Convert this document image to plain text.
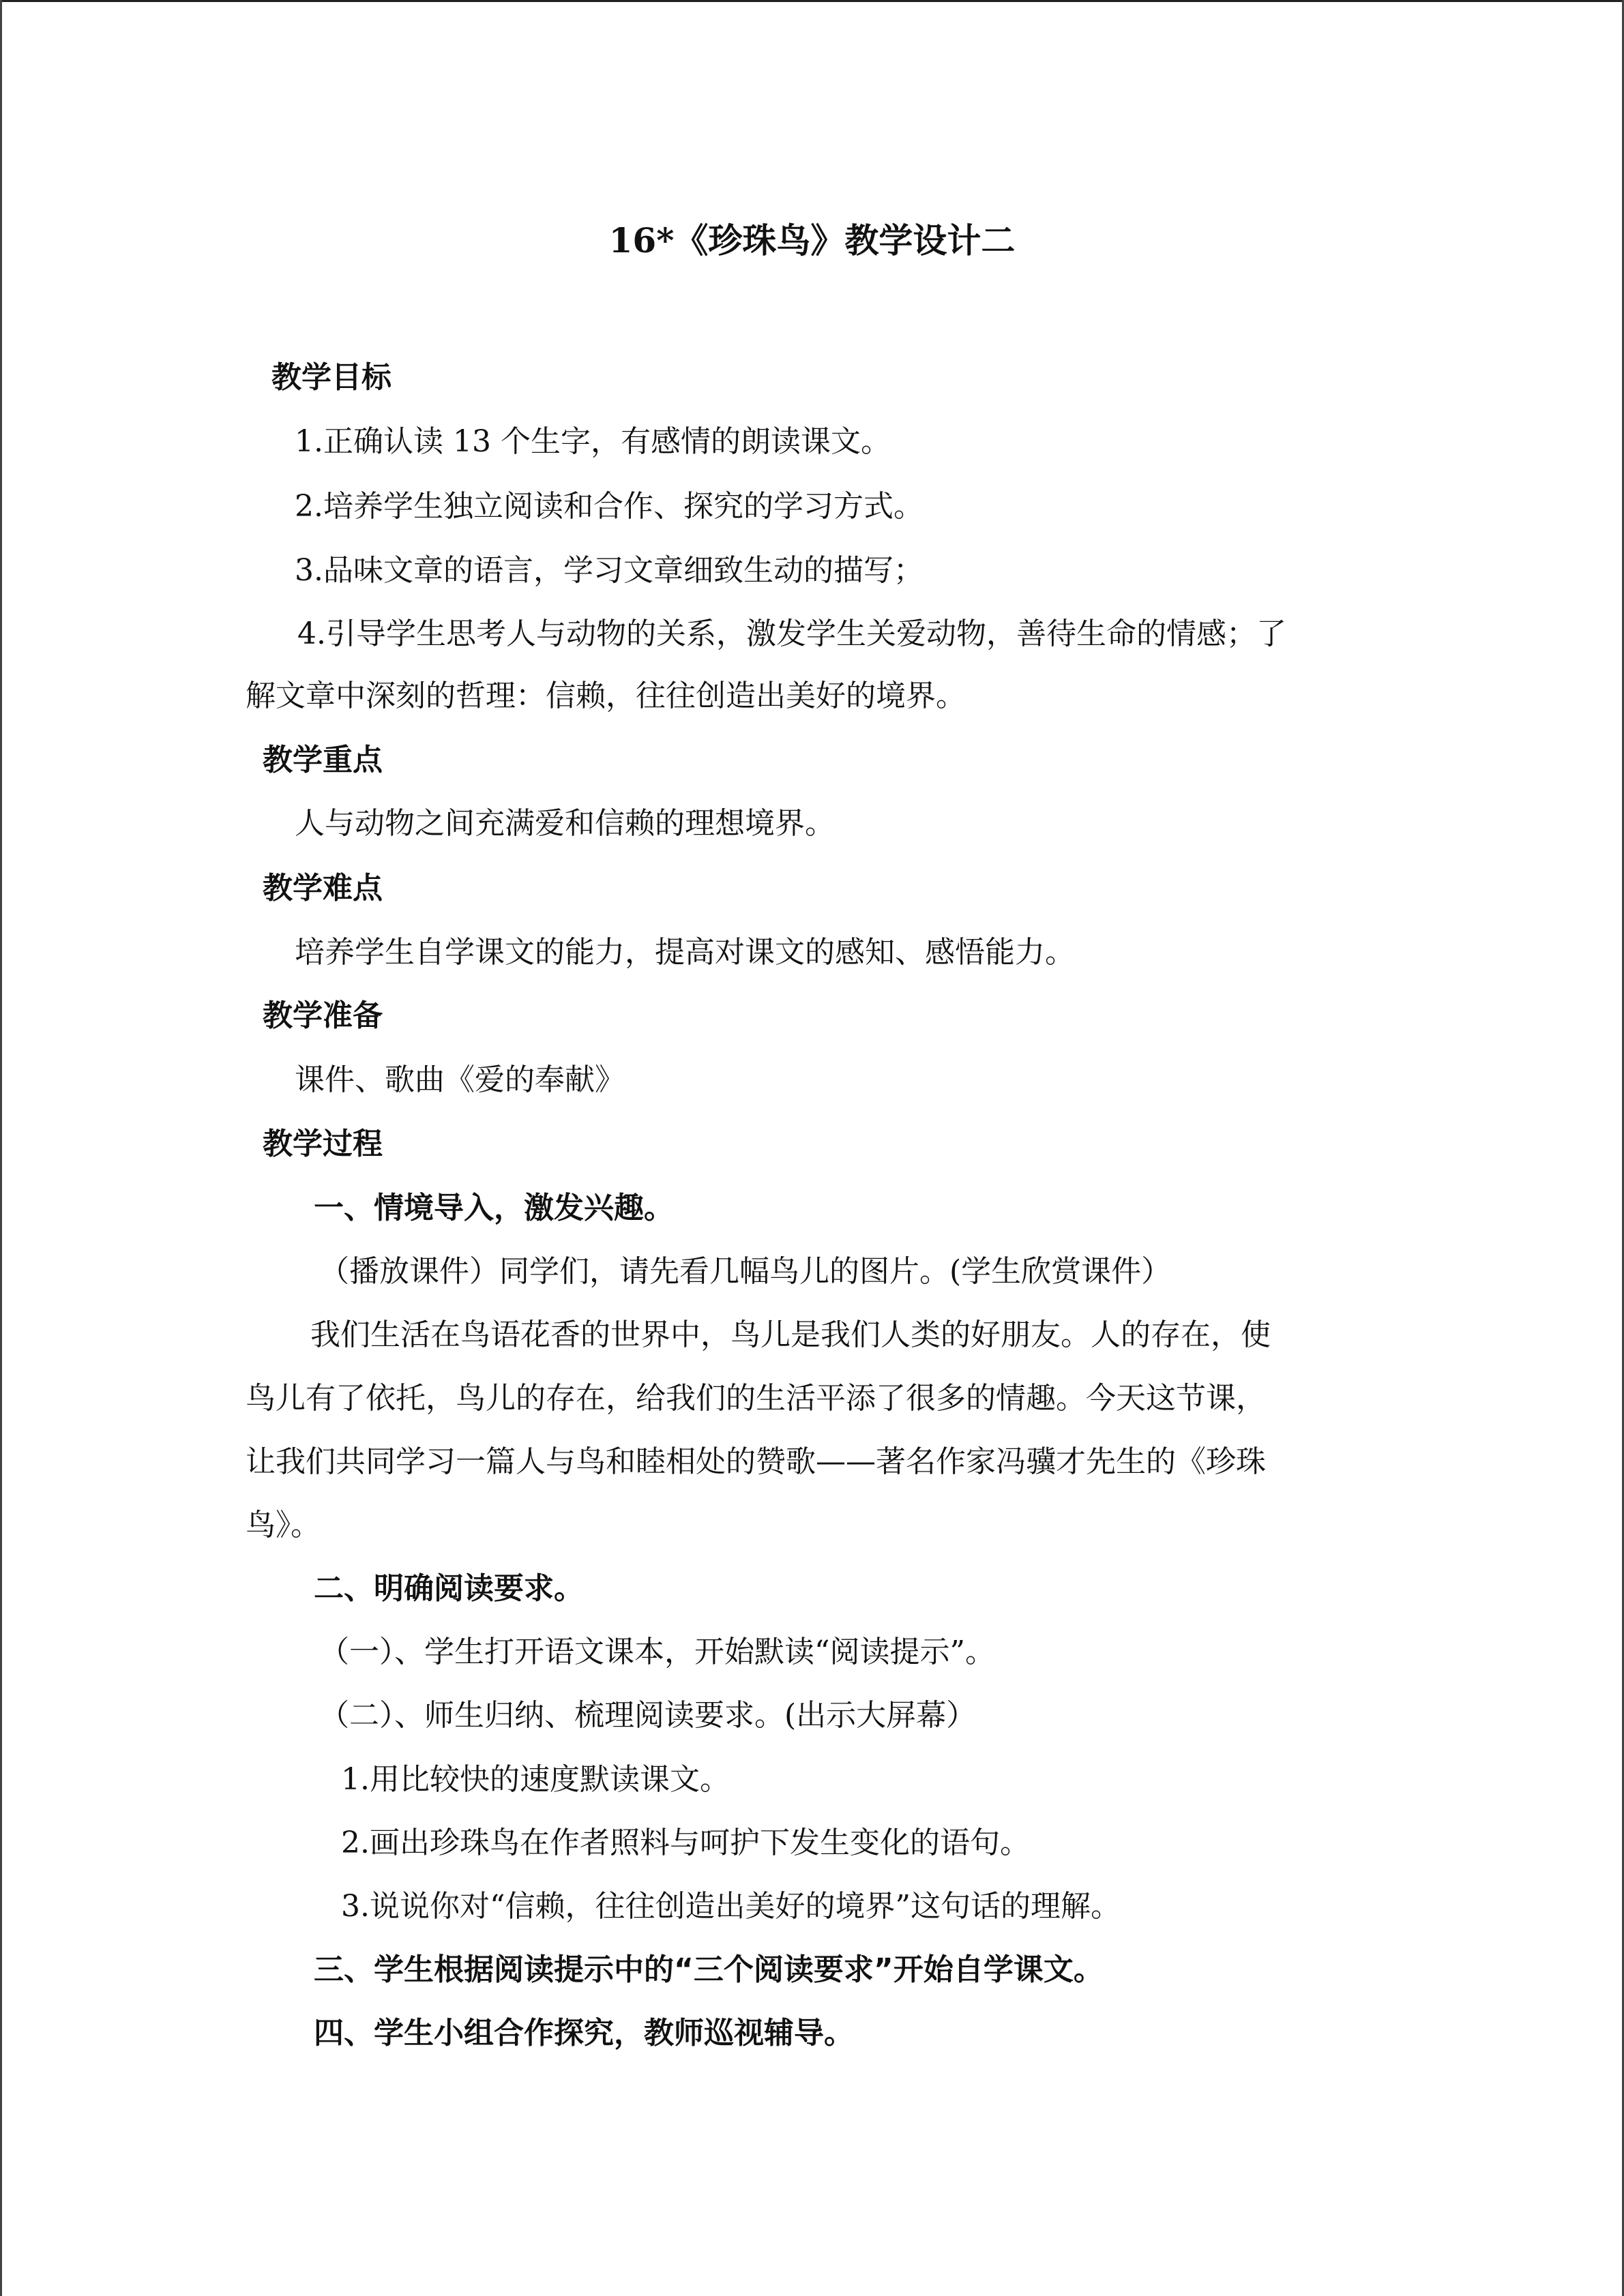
16*《珍珠鸟》教学设计二
教学目标
1.正确认读 13 个生字，有感情的朗读课文。
2.培养学生独立阅读和合作、探究的学习方式。
3.品味文章的语言，学习文章细致生动的描写；
4.引导学生思考人与动物的关系，激发学生关爱动物，善待生命的情感；了
解文章中深刻的哲理：信赖，往往创造出美好的境界。
教学重点
人与动物之间充满爱和信赖的理想境界。
教学难点
培养学生自学课文的能力，提高对课文的感知、感悟能力。
教学准备
课件、歌曲《爱的奉献》
教学过程
一、情境导入，激发兴趣。
（播放课件）同学们，请先看几幅鸟儿的图片。(学生欣赏课件）
我们生活在鸟语花香的世界中，鸟儿是我们人类的好朋友。人的存在，使
鸟儿有了依托，鸟儿的存在，给我们的生活平添了很多的情趣。今天这节课，
让我们共同学习一篇人与鸟和睦相处的赞歌——著名作家冯骥才先生的《珍珠
鸟》。
二、明确阅读要求。
（一）、学生打开语文课本，开始默读“阅读提示”。
（二）、师生归纳、梳理阅读要求。(出示大屏幕）
1.用比较快的速度默读课文。
2.画出珍珠鸟在作者照料与呵护下发生变化的语句。
3.说说你对“信赖，往往创造出美好的境界”这句话的理解。
三、学生根据阅读提示中的“三个阅读要求”开始自学课文。
四、学生小组合作探究，教师巡视辅导。
